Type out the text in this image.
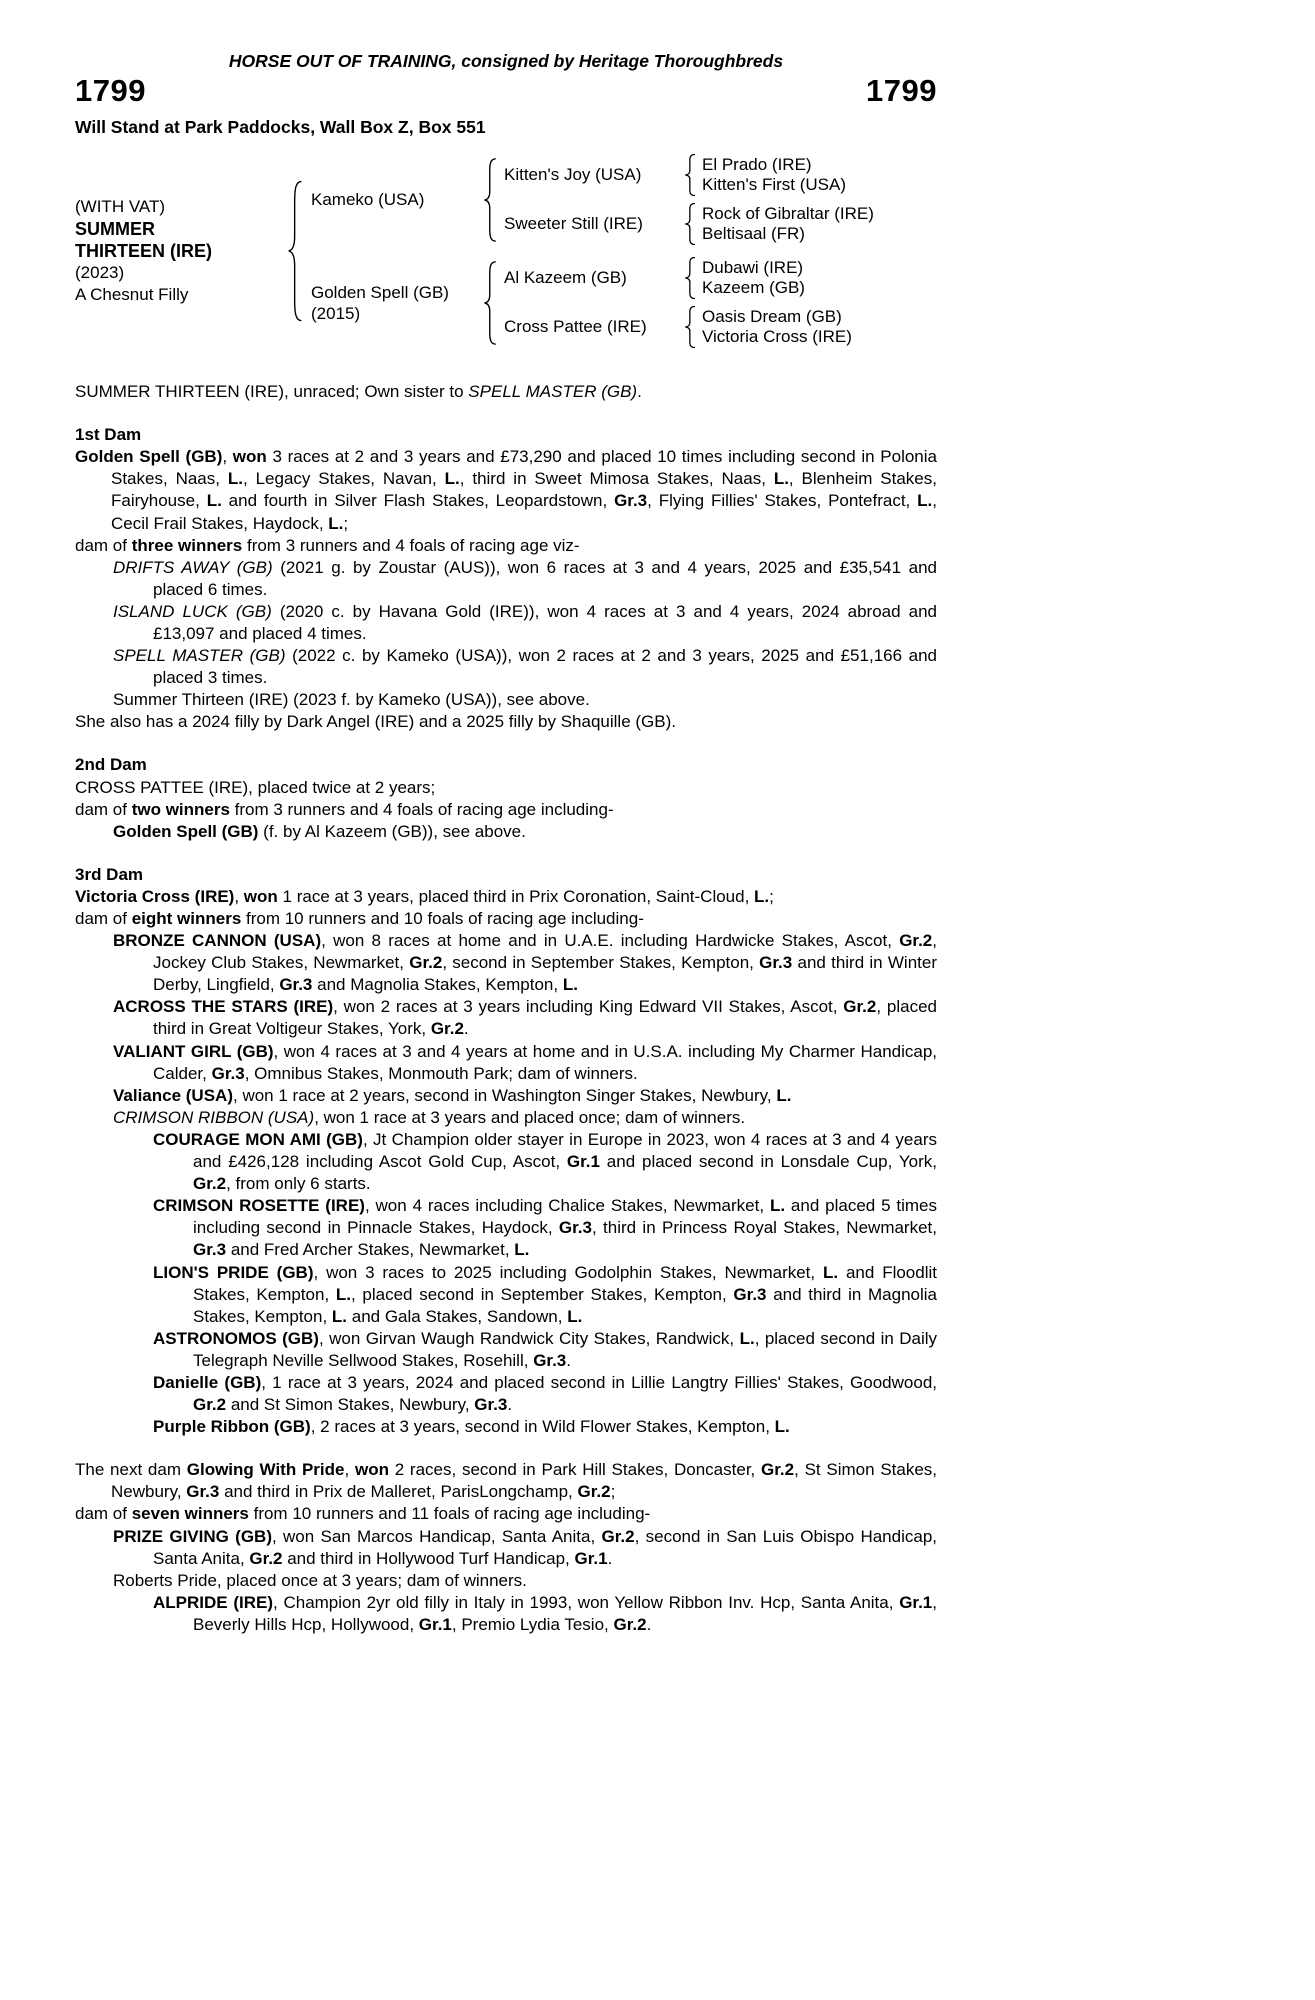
HORSE OUT OF TRAINING, consigned by Heritage Thoroughbreds
1799	1799
Will Stand at Park Paddocks, Wall Box Z, Box 551
(WITH VAT)
SUMMER THIRTEEN (IRE)
(2023)
A Chesnut Filly
Kameko (USA)
Kitten's Joy (USA)
El Prado (IRE)
Kitten's First (USA)
Sweeter Still (IRE)
Rock of Gibraltar (IRE)
Beltisaal (FR)
Golden Spell (GB)
(2015)
Al Kazeem (GB)
Dubawi (IRE)
Kazeem (GB)
Cross Pattee (IRE)
Oasis Dream (GB)
Victoria Cross (IRE)

SUMMER THIRTEEN (IRE), unraced; Own sister to SPELL MASTER (GB).

1st Dam

Golden Spell (GB), won 3 races at 2 and 3 years and £73,290 and placed 10 times including second in Polonia Stakes, Naas, L., Legacy Stakes, Navan, L., third in Sweet Mimosa Stakes, Naas, L., Blenheim Stakes, Fairyhouse, L. and fourth in Silver Flash Stakes, Leopardstown, Gr.3, Flying Fillies' Stakes, Pontefract, L., Cecil Frail Stakes, Haydock, L.;

dam of three winners from 3 runners and 4 foals of racing age viz-

DRIFTS AWAY (GB) (2021 g. by Zoustar (AUS)), won 6 races at 3 and 4 years, 2025 and £35,541 and placed 6 times.

ISLAND LUCK (GB) (2020 c. by Havana Gold (IRE)), won 4 races at 3 and 4 years, 2024 abroad and £13,097 and placed 4 times.

SPELL MASTER (GB) (2022 c. by Kameko (USA)), won 2 races at 2 and 3 years, 2025 and £51,166 and placed 3 times.

Summer Thirteen (IRE) (2023 f. by Kameko (USA)), see above.

She also has a 2024 filly by Dark Angel (IRE) and a 2025 filly by Shaquille (GB).

2nd Dam

CROSS PATTEE (IRE), placed twice at 2 years;

dam of two winners from 3 runners and 4 foals of racing age including-

Golden Spell (GB) (f. by Al Kazeem (GB)), see above.

3rd Dam

Victoria Cross (IRE), won 1 race at 3 years, placed third in Prix Coronation, Saint-Cloud, L.;

dam of eight winners from 10 runners and 10 foals of racing age including-

BRONZE CANNON (USA), won 8 races at home and in U.A.E. including Hardwicke Stakes, Ascot, Gr.2, Jockey Club Stakes, Newmarket, Gr.2, second in September Stakes, Kempton, Gr.3 and third in Winter Derby, Lingfield, Gr.3 and Magnolia Stakes, Kempton, L.

ACROSS THE STARS (IRE), won 2 races at 3 years including King Edward VII Stakes, Ascot, Gr.2, placed third in Great Voltigeur Stakes, York, Gr.2.

VALIANT GIRL (GB), won 4 races at 3 and 4 years at home and in U.S.A. including My Charmer Handicap, Calder, Gr.3, Omnibus Stakes, Monmouth Park; dam of winners.

Valiance (USA), won 1 race at 2 years, second in Washington Singer Stakes, Newbury, L.

CRIMSON RIBBON (USA), won 1 race at 3 years and placed once; dam of winners.

COURAGE MON AMI (GB), Jt Champion older stayer in Europe in 2023, won 4 races at 3 and 4 years and £426,128 including Ascot Gold Cup, Ascot, Gr.1 and placed second in Lonsdale Cup, York, Gr.2, from only 6 starts.

CRIMSON ROSETTE (IRE), won 4 races including Chalice Stakes, Newmarket, L. and placed 5 times including second in Pinnacle Stakes, Haydock, Gr.3, third in Princess Royal Stakes, Newmarket, Gr.3 and Fred Archer Stakes, Newmarket, L.

LION'S PRIDE (GB), won 3 races to 2025 including Godolphin Stakes, Newmarket, L. and Floodlit Stakes, Kempton, L., placed second in September Stakes, Kempton, Gr.3 and third in Magnolia Stakes, Kempton, L. and Gala Stakes, Sandown, L.

ASTRONOMOS (GB), won Girvan Waugh Randwick City Stakes, Randwick, L., placed second in Daily Telegraph Neville Sellwood Stakes, Rosehill, Gr.3.

Danielle (GB), 1 race at 3 years, 2024 and placed second in Lillie Langtry Fillies' Stakes, Goodwood, Gr.2 and St Simon Stakes, Newbury, Gr.3.

Purple Ribbon (GB), 2 races at 3 years, second in Wild Flower Stakes, Kempton, L.

The next dam Glowing With Pride, won 2 races, second in Park Hill Stakes, Doncaster, Gr.2, St Simon Stakes, Newbury, Gr.3 and third in Prix de Malleret, ParisLongchamp, Gr.2;

dam of seven winners from 10 runners and 11 foals of racing age including-

PRIZE GIVING (GB), won San Marcos Handicap, Santa Anita, Gr.2, second in San Luis Obispo Handicap, Santa Anita, Gr.2 and third in Hollywood Turf Handicap, Gr.1.

Roberts Pride, placed once at 3 years; dam of winners.

ALPRIDE (IRE), Champion 2yr old filly in Italy in 1993, won Yellow Ribbon Inv. Hcp, Santa Anita, Gr.1, Beverly Hills Hcp, Hollywood, Gr.1, Premio Lydia Tesio, Gr.2.
